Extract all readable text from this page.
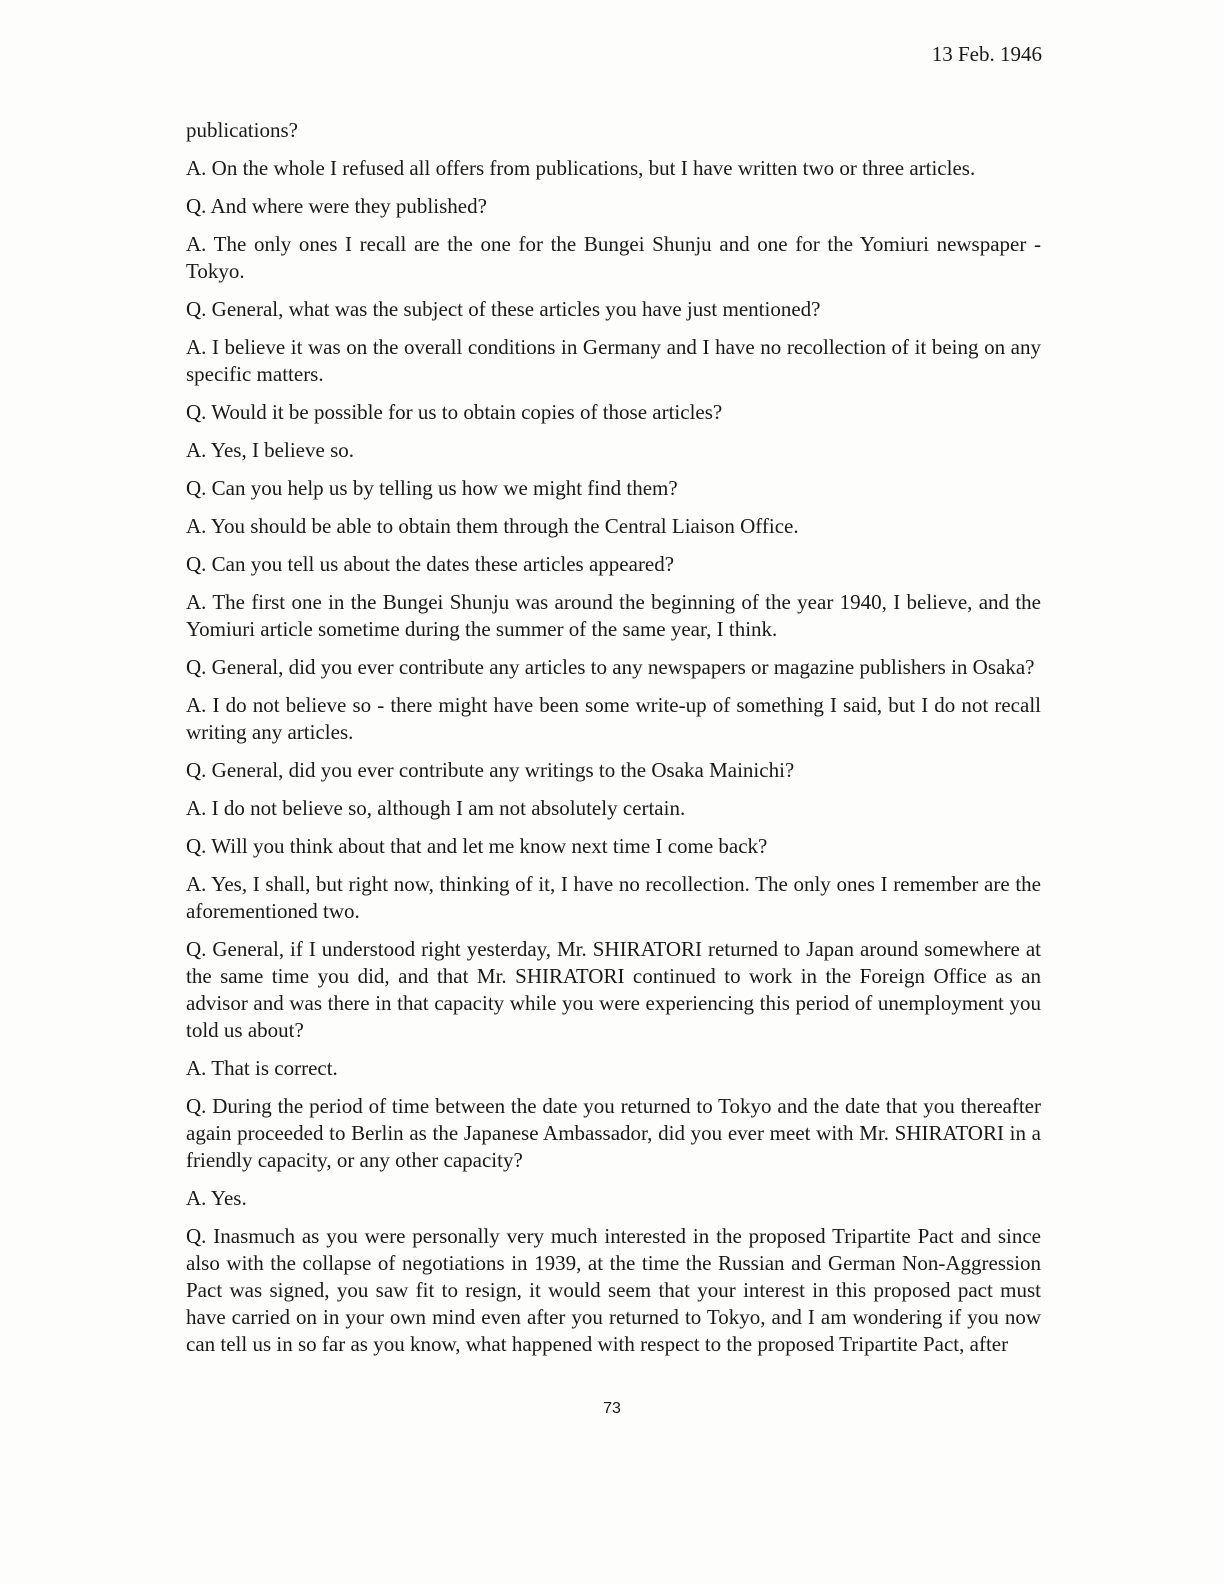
13 Feb. 1946

publications?

A. On the whole I refused all offers from publications, but I have written two or three articles.

Q. And where were they published?

A. The only ones I recall are the one for the Bungei Shunju and one for the Yomiuri newspaper - Tokyo.

Q. General, what was the subject of these articles you have just mentioned?

A. I believe it was on the overall conditions in Germany and I have no recollection of it being on any specific matters.

Q. Would it be possible for us to obtain copies of those articles?

A. Yes, I believe so.

Q. Can you help us by telling us how we might find them?

A. You should be able to obtain them through the Central Liaison Office.

Q. Can you tell us about the dates these articles appeared?

A. The first one in the Bungei Shunju was around the beginning of the year 1940, I believe, and the Yomiuri article sometime during the summer of the same year, I think.

Q. General, did you ever contribute any articles to any newspapers or magazine publishers in Osaka?

A. I do not believe so - there might have been some write-up of something I said, but I do not recall writing any articles.

Q. General, did you ever contribute any writings to the Osaka Mainichi?

A. I do not believe so, although I am not absolutely certain.

Q. Will you think about that and let me know next time I come back?

A. Yes, I shall, but right now, thinking of it, I have no recollection. The only ones I remember are the aforementioned two.

Q. General, if I understood right yesterday, Mr. SHIRATORI returned to Japan around somewhere at the same time you did, and that Mr. SHIRATORI continued to work in the Foreign Office as an advisor and was there in that capacity while you were experiencing this period of unemployment you told us about?

A. That is correct.

Q. During the period of time between the date you returned to Tokyo and the date that you thereafter again proceeded to Berlin as the Japanese Ambassador, did you ever meet with Mr. SHIRATORI in a friendly capacity, or any other capacity?

A. Yes.

Q. Inasmuch as you were personally very much interested in the proposed Tripartite Pact and since also with the collapse of negotiations in 1939, at the time the Russian and German Non-Aggression Pact was signed, you saw fit to resign, it would seem that your interest in this proposed pact must have carried on in your own mind even after you returned to Tokyo, and I am wondering if you now can tell us in so far as you know, what happened with respect to the proposed Tripartite Pact, after

73
